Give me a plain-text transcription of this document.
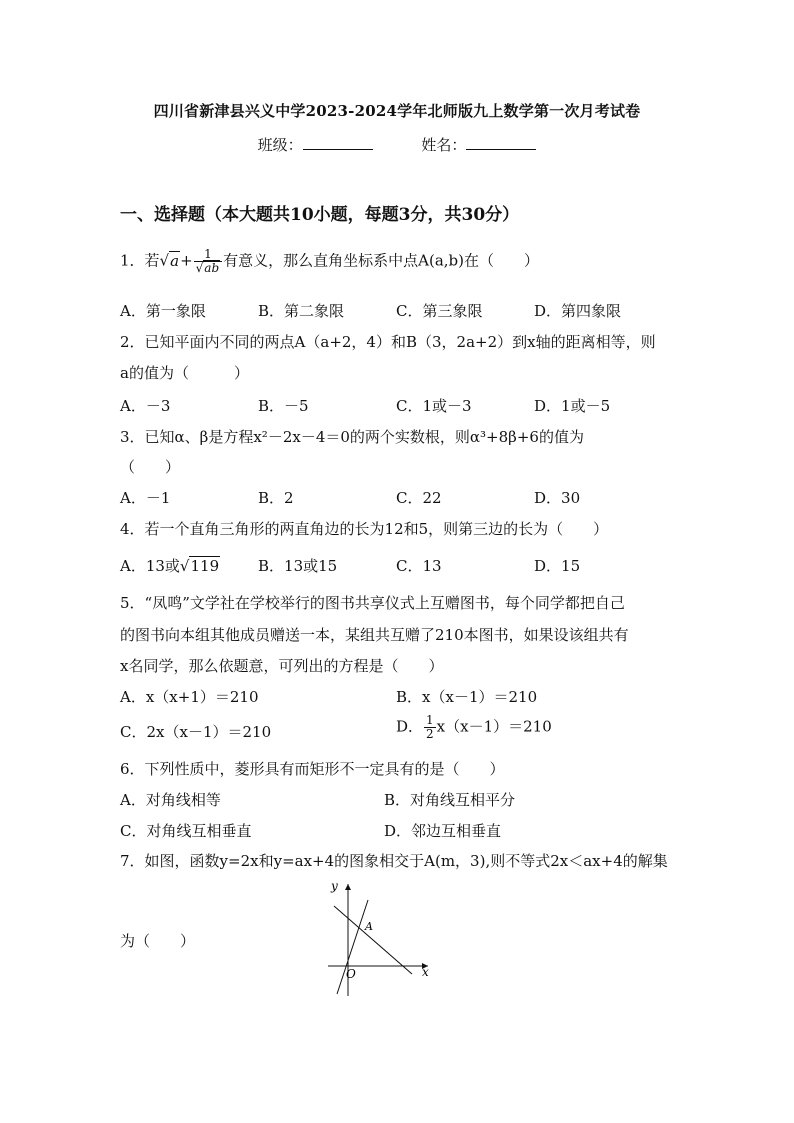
四川省新津县兴义中学2023-2024学年北师版九上数学第一次月考试卷
班级：	姓名：
一、选择题（本大题共10小题，每题3分，共30分）
1．若$√a+ \frac{1}{√ab}$ 有意义，那么直角坐标系中点A(a,b)在（　　）
A．第一象限	B．第二象限	C．第三象限	D．第四象限
2．已知平面内不同的两点A（a+2，4）和B（3，2a+2）到x轴的距离相等，则
a的值为（　　　）
A．－3	B．－5	C．1或－3	D．1或－5
3．已知α、β是方程x²－2x－4＝0的两个实数根，则α³+8β+6的值为
（　　）
A．－1	B．2	C．22	D．30
4．若一个直角三角形的两直角边的长为12和5，则第三边的长为（　　）
A．13或√119	B．13或15	C．13	D．15
5．“凤鸣”文学社在学校举行的图书共享仪式上互赠图书，每个同学都把自己
的图书向本组其他成员赠送一本，某组共互赠了210本图书，如果设该组共有
x名同学，那么依题意，可列出的方程是（　　）
A．x（x+1）＝210	B．x（x－1）＝210
C．2x（x－1）＝210	D． $\frac{1}{2} x(x-1)=210$
6．下列性质中，菱形具有而矩形不一定具有的是（　　）
A．对角线相等	B．对角线互相平分
C．对角线互相垂直	D．邻边互相垂直
7．如图，函数y=2x和y=ax+4的图象相交于A(m，3),则不等式2x＜ax+4的解集
为（　　）
y
x
O
A
